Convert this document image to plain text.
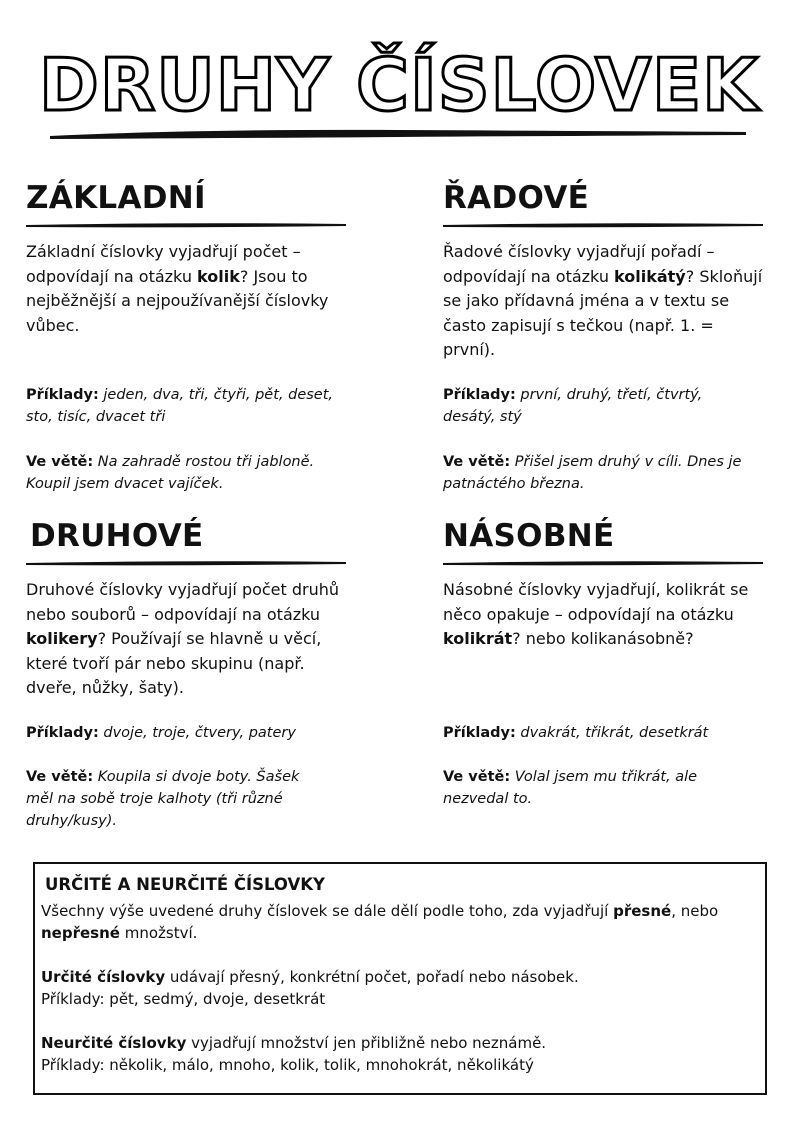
DRUHY ČÍSLOVEK
ZÁKLADNÍ
Základní číslovky vyjadřují počet – odpovídají na otázku kolik? Jsou to nejběžnější a nejpoužívanější číslovky vůbec.
Příklady: jeden, dva, tři, čtyři, pět, deset, sto, tisíc, dvacet tři
Ve větě: Na zahradě rostou tři jabloně. Koupil jsem dvacet vajíček.
ŘADOVÉ
Řadové číslovky vyjadřují pořadí – odpovídají na otázku kolikátý? Skloňují se jako přídavná jména a v textu se často zapisují s tečkou (např. 1. = první).
Příklady: první, druhý, třetí, čtvrtý, desátý, stý
Ve větě: Přišel jsem druhý v cíli. Dnes je patnáctého března.
DRUHOVÉ
Druhové číslovky vyjadřují počet druhů nebo souborů – odpovídají na otázku kolikery? Používají se hlavně u věcí, které tvoří pár nebo skupinu (např. dveře, nůžky, šaty).
Příklady: dvoje, troje, čtvery, patery
Ve větě: Koupila si dvoje boty. Šašek měl na sobě troje kalhoty (tři různé druhy/kusy).
NÁSOBNÉ
Násobné číslovky vyjadřují, kolikrát se něco opakuje – odpovídají na otázku kolikrát? nebo kolikanásobně?
Příklady: dvakrát, třikrát, desetkrát
Ve větě: Volal jsem mu třikrát, ale nezvedal to.
URČITÉ A NEURČITÉ ČÍSLOVKY

Všechny výše uvedené druhy číslovek se dále dělí podle toho, zda vyjadřují přesné, nebo nepřesné množství.

Určité číslovky udávají přesný, konkrétní počet, pořadí nebo násobek.

Příklady: pět, sedmý, dvoje, desetkrát

Neurčité číslovky vyjadřují množství jen přibližně nebo neznámě.

Příklady: několik, málo, mnoho, kolik, tolik, mnohokrát, několikátý
